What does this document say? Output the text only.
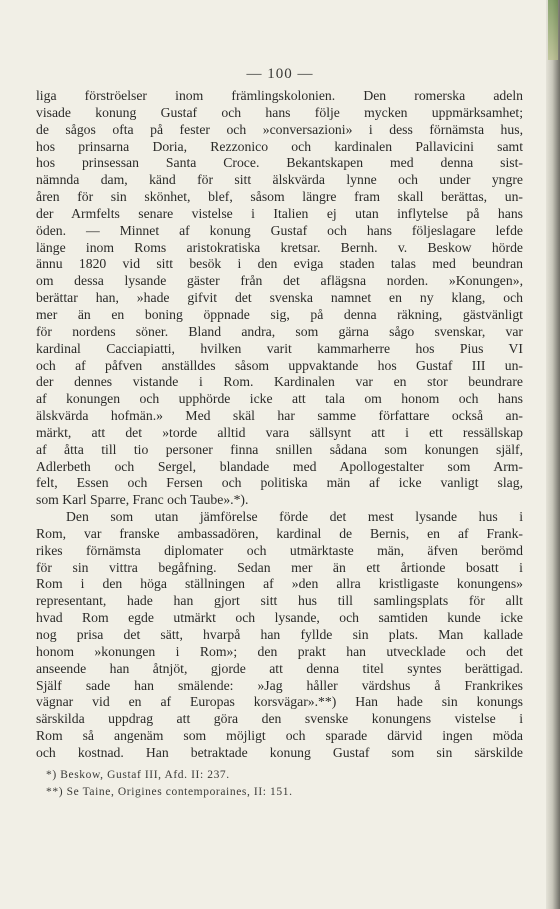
— 100 —
liga förströelser inom främlingskolonien. Den romerska adeln
visade konung Gustaf och hans följe mycken uppmärksamhet;
de sågos ofta på fester och »conversazioni» i dess förnämsta hus,
hos prinsarna Doria, Rezzonico och kardinalen Pallavicini samt
hos prinsessan Santa Croce. Bekantskapen med denna sist-
nämnda dam, känd för sitt älskvärda lynne och under yngre
åren för sin skönhet, blef, såsom längre fram skall berättas, un-
der Armfelts senare vistelse i Italien ej utan inflytelse på hans
öden. — Minnet af konung Gustaf och hans följeslagare lefde
länge inom Roms aristokratiska kretsar. Bernh. v. Beskow hörde
ännu 1820 vid sitt besök i den eviga staden talas med beundran
om dessa lysande gäster från det aflägsna norden. »Konungen»,
berättar han, »hade gifvit det svenska namnet en ny klang, och
mer än en boning öppnade sig, på denna räkning, gästvänligt
för nordens söner. Bland andra, som gärna sågo svenskar, var
kardinal Cacciapiatti, hvilken varit kammarherre hos Pius VI
och af påfven anställdes såsom uppvaktande hos Gustaf III un-
der dennes vistande i Rom. Kardinalen var en stor beundrare
af konungen och upphörde icke att tala om honom och hans
älskvärda hofmän.» Med skäl har samme författare också an-
märkt, att det »torde alltid vara sällsynt att i ett ressällskap
af åtta till tio personer finna snillen sådana som konungen själf,
Adlerbeth och Sergel, blandade med Apollogestalter som Arm-
felt, Essen och Fersen och politiska män af icke vanligt slag,
som Karl Sparre, Franc och Taube».*).
Den som utan jämförelse förde det mest lysande hus i
Rom, var franske ambassadören, kardinal de Bernis, en af Frank-
rikes förnämsta diplomater och utmärktaste män, äfven berömd
för sin vittra begåfning. Sedan mer än ett årtionde bosatt i
Rom i den höga ställningen af »den allra kristligaste konungens»
representant, hade han gjort sitt hus till samlingsplats för allt
hvad Rom egde utmärkt och lysande, och samtiden kunde icke
nog prisa det sätt, hvarpå han fyllde sin plats. Man kallade
honom »konungen i Rom»; den prakt han utvecklade och det
anseende han åtnjöt, gjorde att denna titel syntes berättigad.
Själf sade han smälende: »Jag håller värdshus å Frankrikes
vägnar vid en af Europas korsvägar».**) Han hade sin konungs
särskilda uppdrag att göra den svenske konungens vistelse i
Rom så angenäm som möjligt och sparade därvid ingen möda
och kostnad. Han betraktade konung Gustaf som sin särskilde
*) Beskow, Gustaf III, Afd. II: 237.
**) Se Taine, Origines contemporaines, II: 151.
